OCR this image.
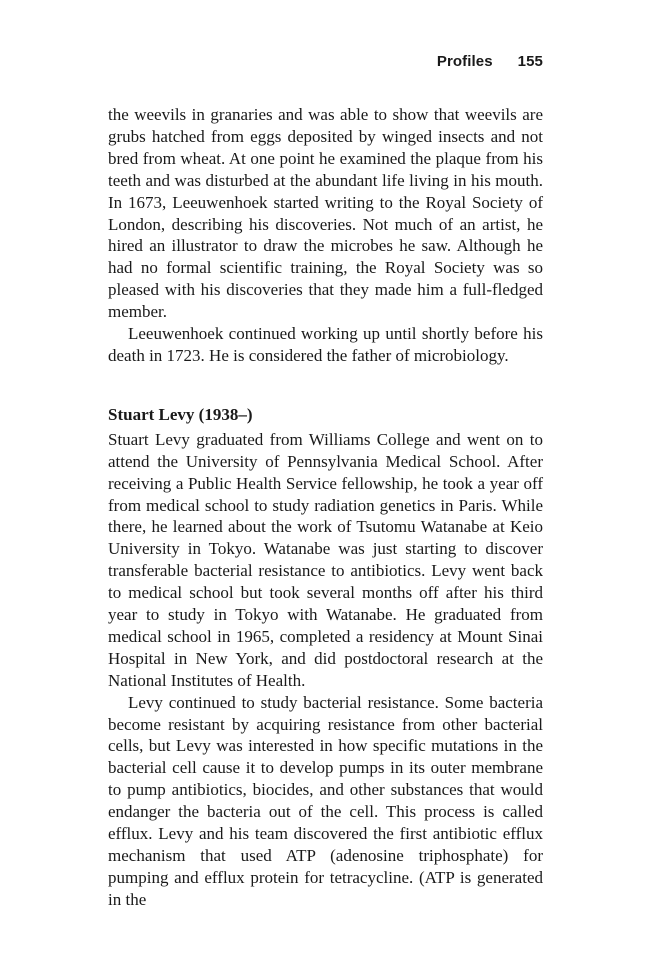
Profiles 155

the weevils in granaries and was able to show that weevils are grubs hatched from eggs deposited by winged insects and not bred from wheat. At one point he examined the plaque from his teeth and was disturbed at the abundant life living in his mouth. In 1673, Leeuwenhoek started writing to the Royal Society of London, describing his discoveries. Not much of an artist, he hired an illustrator to draw the microbes he saw. Although he had no formal scientific training, the Royal Society was so pleased with his discoveries that they made him a full-fledged member.

Leeuwenhoek continued working up until shortly before his death in 1723. He is considered the father of microbiology.

Stuart Levy (1938–)

Stuart Levy graduated from Williams College and went on to attend the University of Pennsylvania Medical School. After receiving a Public Health Service fellowship, he took a year off from medical school to study radiation genetics in Paris. While there, he learned about the work of Tsutomu Watanabe at Keio University in Tokyo. Watanabe was just starting to discover transferable bacterial resistance to antibiotics. Levy went back to medical school but took several months off after his third year to study in Tokyo with Watanabe. He graduated from medical school in 1965, completed a residency at Mount Sinai Hospital in New York, and did postdoctoral research at the National Institutes of Health.

Levy continued to study bacterial resistance. Some bacteria become resistant by acquiring resistance from other bacterial cells, but Levy was interested in how specific mutations in the bacterial cell cause it to develop pumps in its outer membrane to pump antibiotics, biocides, and other substances that would endanger the bacteria out of the cell. This process is called efflux. Levy and his team discovered the first antibiotic efflux mechanism that used ATP (adenosine triphosphate) for pumping and efflux protein for tetracycline. (ATP is generated in the
